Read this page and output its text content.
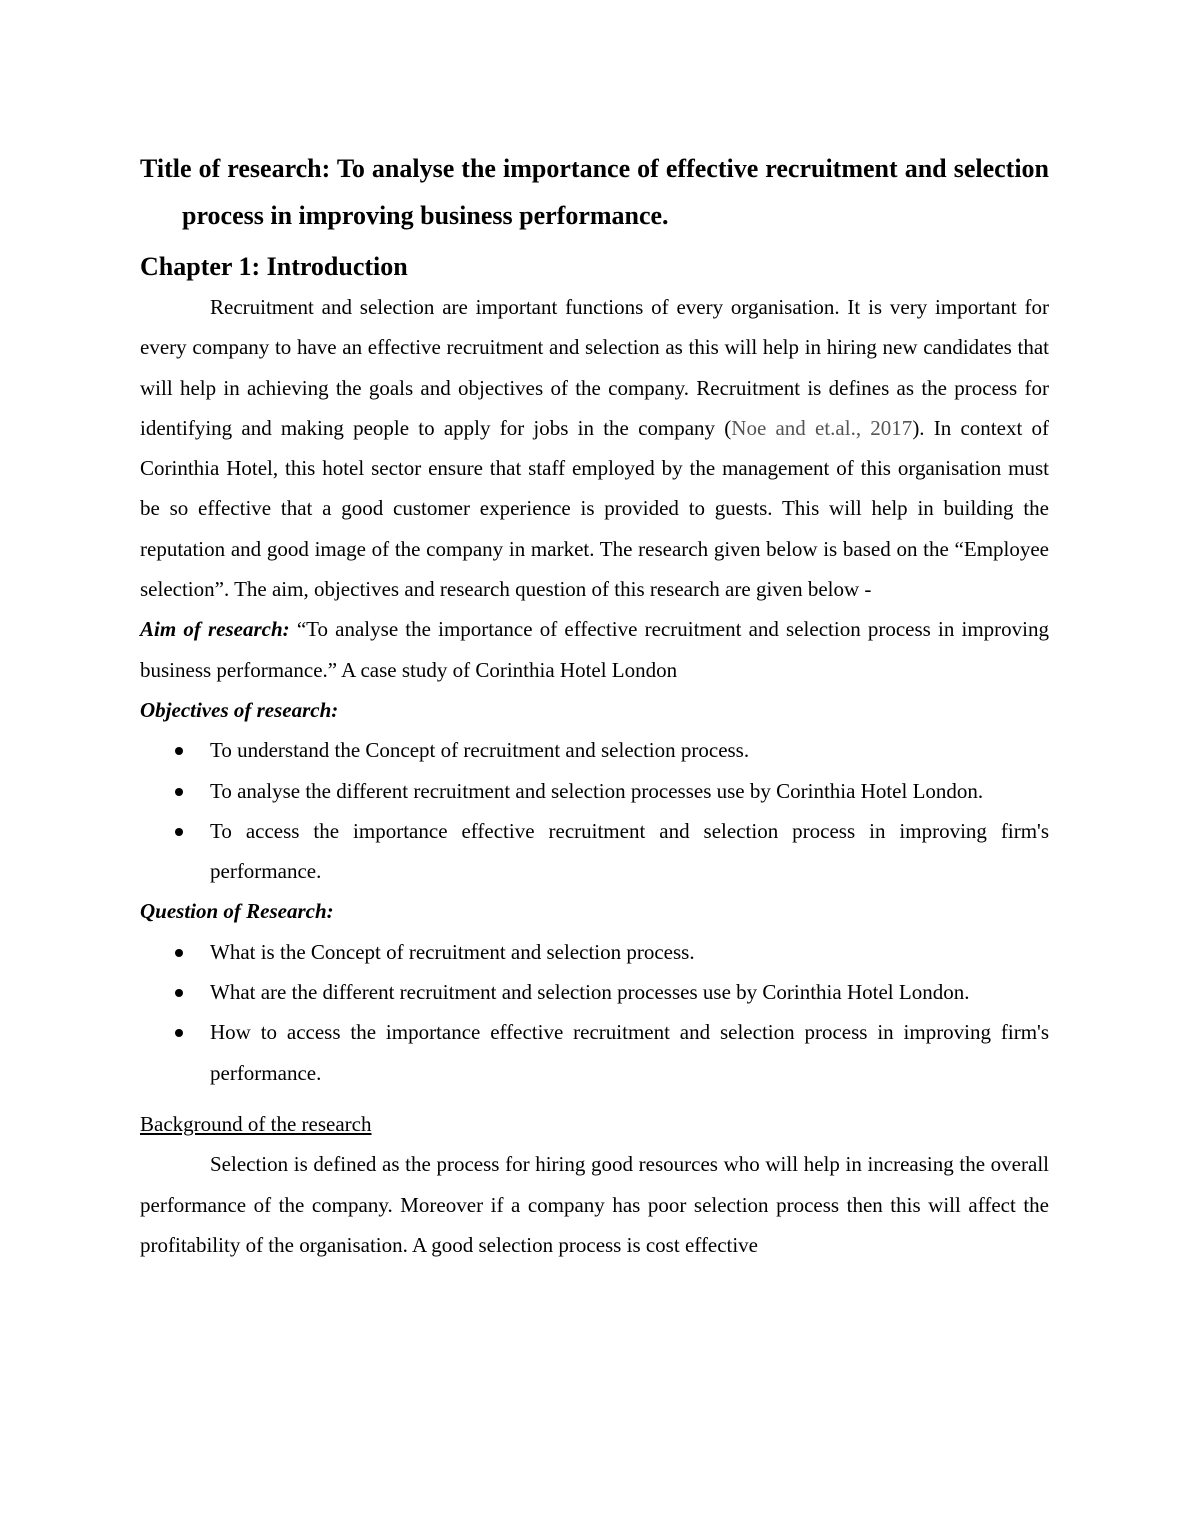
Title of research: To analyse the importance of effective recruitment and selection process in improving business performance.
Chapter 1: Introduction

Recruitment and selection are important functions of every organisation. It is very important for every company to have an effective recruitment and selection as this will help in hiring new candidates that will help in achieving the goals and objectives of the company. Recruitment is defines as the process for identifying and making people to apply for jobs in the company (Noe and et.al., 2017). In context of Corinthia Hotel, this hotel sector ensure that staff employed by the management of this organisation must be so effective that a good customer experience is provided to guests. This will help in building the reputation and good image of the company in market. The research given below is based on the “Employee selection”. The aim, objectives and research question of this research are given below -

Aim of research: “To analyse the importance of effective recruitment and selection process in improving business performance.” A case study of Corinthia Hotel London

Objectives of research:
To understand the Concept of recruitment and selection process.
To analyse the different recruitment and selection processes use by Corinthia Hotel London.
To access the importance effective recruitment and selection process in improving firm's performance.
Question of Research:
What is the Concept of recruitment and selection process.
What are the different recruitment and selection processes use by Corinthia Hotel London.
How to access the importance effective recruitment and selection process in improving firm's performance.
Background of the research

Selection is defined as the process for hiring good resources who will help in increasing the overall performance of the company. Moreover if a company has poor selection process then this will affect the profitability of the organisation. A good selection process is cost effective
